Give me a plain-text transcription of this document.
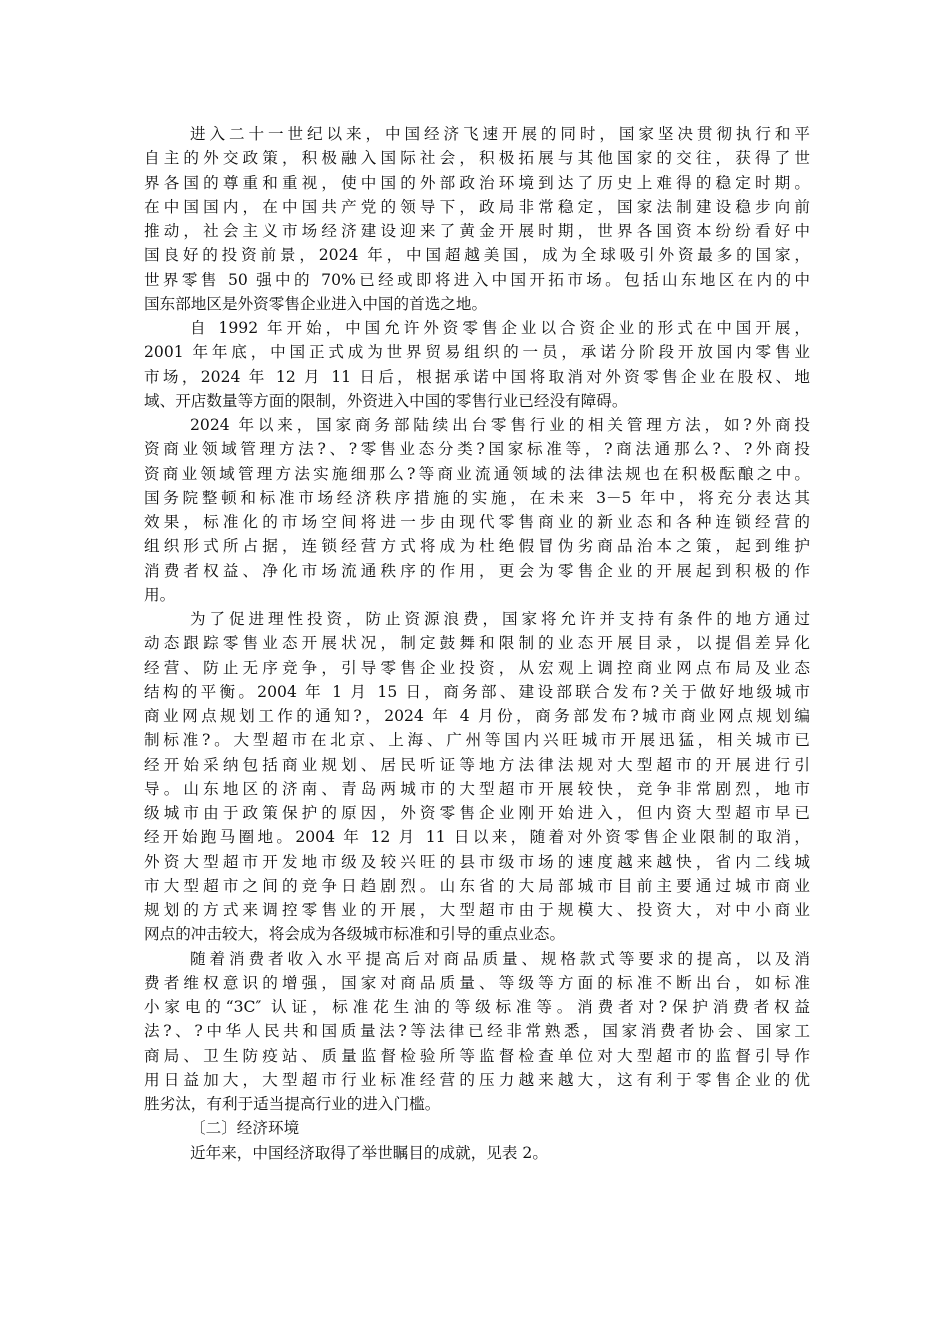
进入二十一世纪以来，中国经济飞速开展的同时，国家坚决贯彻执行和平
自主的外交政策，积极融入国际社会，积极拓展与其他国家的交往，获得了世
界各国的尊重和重视，使中国的外部政治环境到达了历史上难得的稳定时期。
在中国国内，在中国共产党的领导下，政局非常稳定，国家法制建设稳步向前
推动，社会主义市场经济建设迎来了黄金开展时期，世界各国资本纷纷看好中
国良好的投资前景，2024 年，中国超越美国，成为全球吸引外资最多的国家，
世界零售 50 强中的 70%已经或即将进入中国开拓市场。包括山东地区在内的中
国东部地区是外资零售企业进入中国的首选之地。
自 1992 年开始，中国允许外资零售企业以合资企业的形式在中国开展，
2001 年年底，中国正式成为世界贸易组织的一员，承诺分阶段开放国内零售业
市场，2024 年 12 月 11 日后，根据承诺中国将取消对外资零售企业在股权、地
域、开店数量等方面的限制，外资进入中国的零售行业已经没有障碍。
2024 年以来，国家商务部陆续出台零售行业的相关管理方法，如?外商投
资商业领域管理方法?、?零售业态分类?国家标准等，?商法通那么?、?外商投
资商业领域管理方法实施细那么?等商业流通领域的法律法规也在积极酝酿之中。
国务院整顿和标准市场经济秩序措施的实施，在未来 3－5 年中，将充分表达其
效果，标准化的市场空间将进一步由现代零售商业的新业态和各种连锁经营的
组织形式所占据，连锁经营方式将成为杜绝假冒伪劣商品治本之策，起到维护
消费者权益、净化市场流通秩序的作用，更会为零售企业的开展起到积极的作
用。
为了促进理性投资，防止资源浪费，国家将允许并支持有条件的地方通过
动态跟踪零售业态开展状况，制定鼓舞和限制的业态开展目录，以提倡差异化
经营、防止无序竞争，引导零售企业投资，从宏观上调控商业网点布局及业态
结构的平衡。2004 年 1 月 15 日，商务部、建设部联合发布?关于做好地级城市
商业网点规划工作的通知?，2024 年 4 月份，商务部发布?城市商业网点规划编
制标准?。大型超市在北京、上海、广州等国内兴旺城市开展迅猛，相关城市已
经开始采纳包括商业规划、居民听证等地方法律法规对大型超市的开展进行引
导。山东地区的济南、青岛两城市的大型超市开展较快，竞争非常剧烈，地市
级城市由于政策保护的原因，外资零售企业刚开始进入，但内资大型超市早已
经开始跑马圈地。2004 年 12 月 11 日以来，随着对外资零售企业限制的取消，
外资大型超市开发地市级及较兴旺的县市级市场的速度越来越快，省内二线城
市大型超市之间的竞争日趋剧烈。山东省的大局部城市目前主要通过城市商业
规划的方式来调控零售业的开展，大型超市由于规模大、投资大，对中小商业
网点的冲击较大，将会成为各级城市标准和引导的重点业态。
随着消费者收入水平提高后对商品质量、规格款式等要求的提高，以及消
费者维权意识的增强，国家对商品质量、等级等方面的标准不断出台，如标准
小家电的“3C″ 认证，标准花生油的等级标准等。消费者对?保护消费者权益
法?、?中华人民共和国质量法?等法律已经非常熟悉，国家消费者协会、国家工
商局、卫生防疫站、质量监督检验所等监督检查单位对大型超市的监督引导作
用日益加大，大型超市行业标准经营的压力越来越大，这有利于零售企业的优
胜劣汰，有利于适当提高行业的进入门槛。
〔二〕经济环境
近年来，中国经济取得了举世瞩目的成就，见表 2。
